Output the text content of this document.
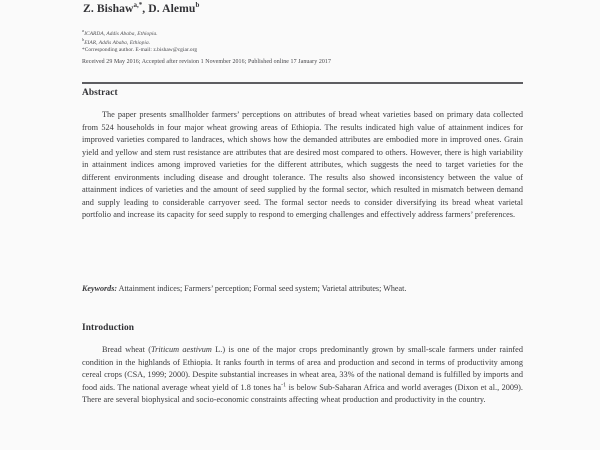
Z. Bishaw$^{a,*}$, D. Alemu$^b$
$^a$ICARDA, Addis Ababa, Ethiopia.
$^b$EIAR, Addis Ababa, Ethiopia.
*Corresponding author. E-mail: z.bishaw@cgiar.org
Received 29 May 2016; Accepted after revision 1 November 2016; Published online 17 January 2017
Abstract
The paper presents smallholder farmers’ perceptions on attributes of bread wheat varieties based on primary data collected from 524 households in four major wheat growing areas of Ethiopia. The results indicated high value of attainment indices for improved varieties compared to landraces, which shows how the demanded attributes are embodied more in improved ones. Grain yield and yellow and stem rust resistance are attributes that are desired most compared to others. However, there is high variability in attainment indices among improved varieties for the different attributes, which suggests the need to target varieties for the different environments including disease and drought tolerance. The results also showed inconsistency between the value of attainment indices of varieties and the amount of seed supplied by the formal sector, which resulted in mismatch between demand and supply leading to considerable carryover seed. The formal sector needs to consider diversifying its bread wheat varietal portfolio and increase its capacity for seed supply to respond to emerging challenges and effectively address farmers’ preferences.
Keywords: Attainment indices; Farmers’ perception; Formal seed system; Varietal attributes; Wheat.
Introduction
Bread wheat (Triticum aestivum L.) is one of the major crops predominantly grown by small-scale farmers under rainfed condition in the highlands of Ethiopia. It ranks fourth in terms of area and production and second in terms of productivity among cereal crops (CSA, 1999; 2000). Despite substantial increases in wheat area, 33% of the national demand is fulfilled by imports and food aids. The national average wheat yield of 1.8 tones $ha^{-1}$ is below Sub-Saharan Africa and world averages (Dixon et al., 2009). There are several biophysical and socio-economic constraints affecting wheat production and productivity in the country.
